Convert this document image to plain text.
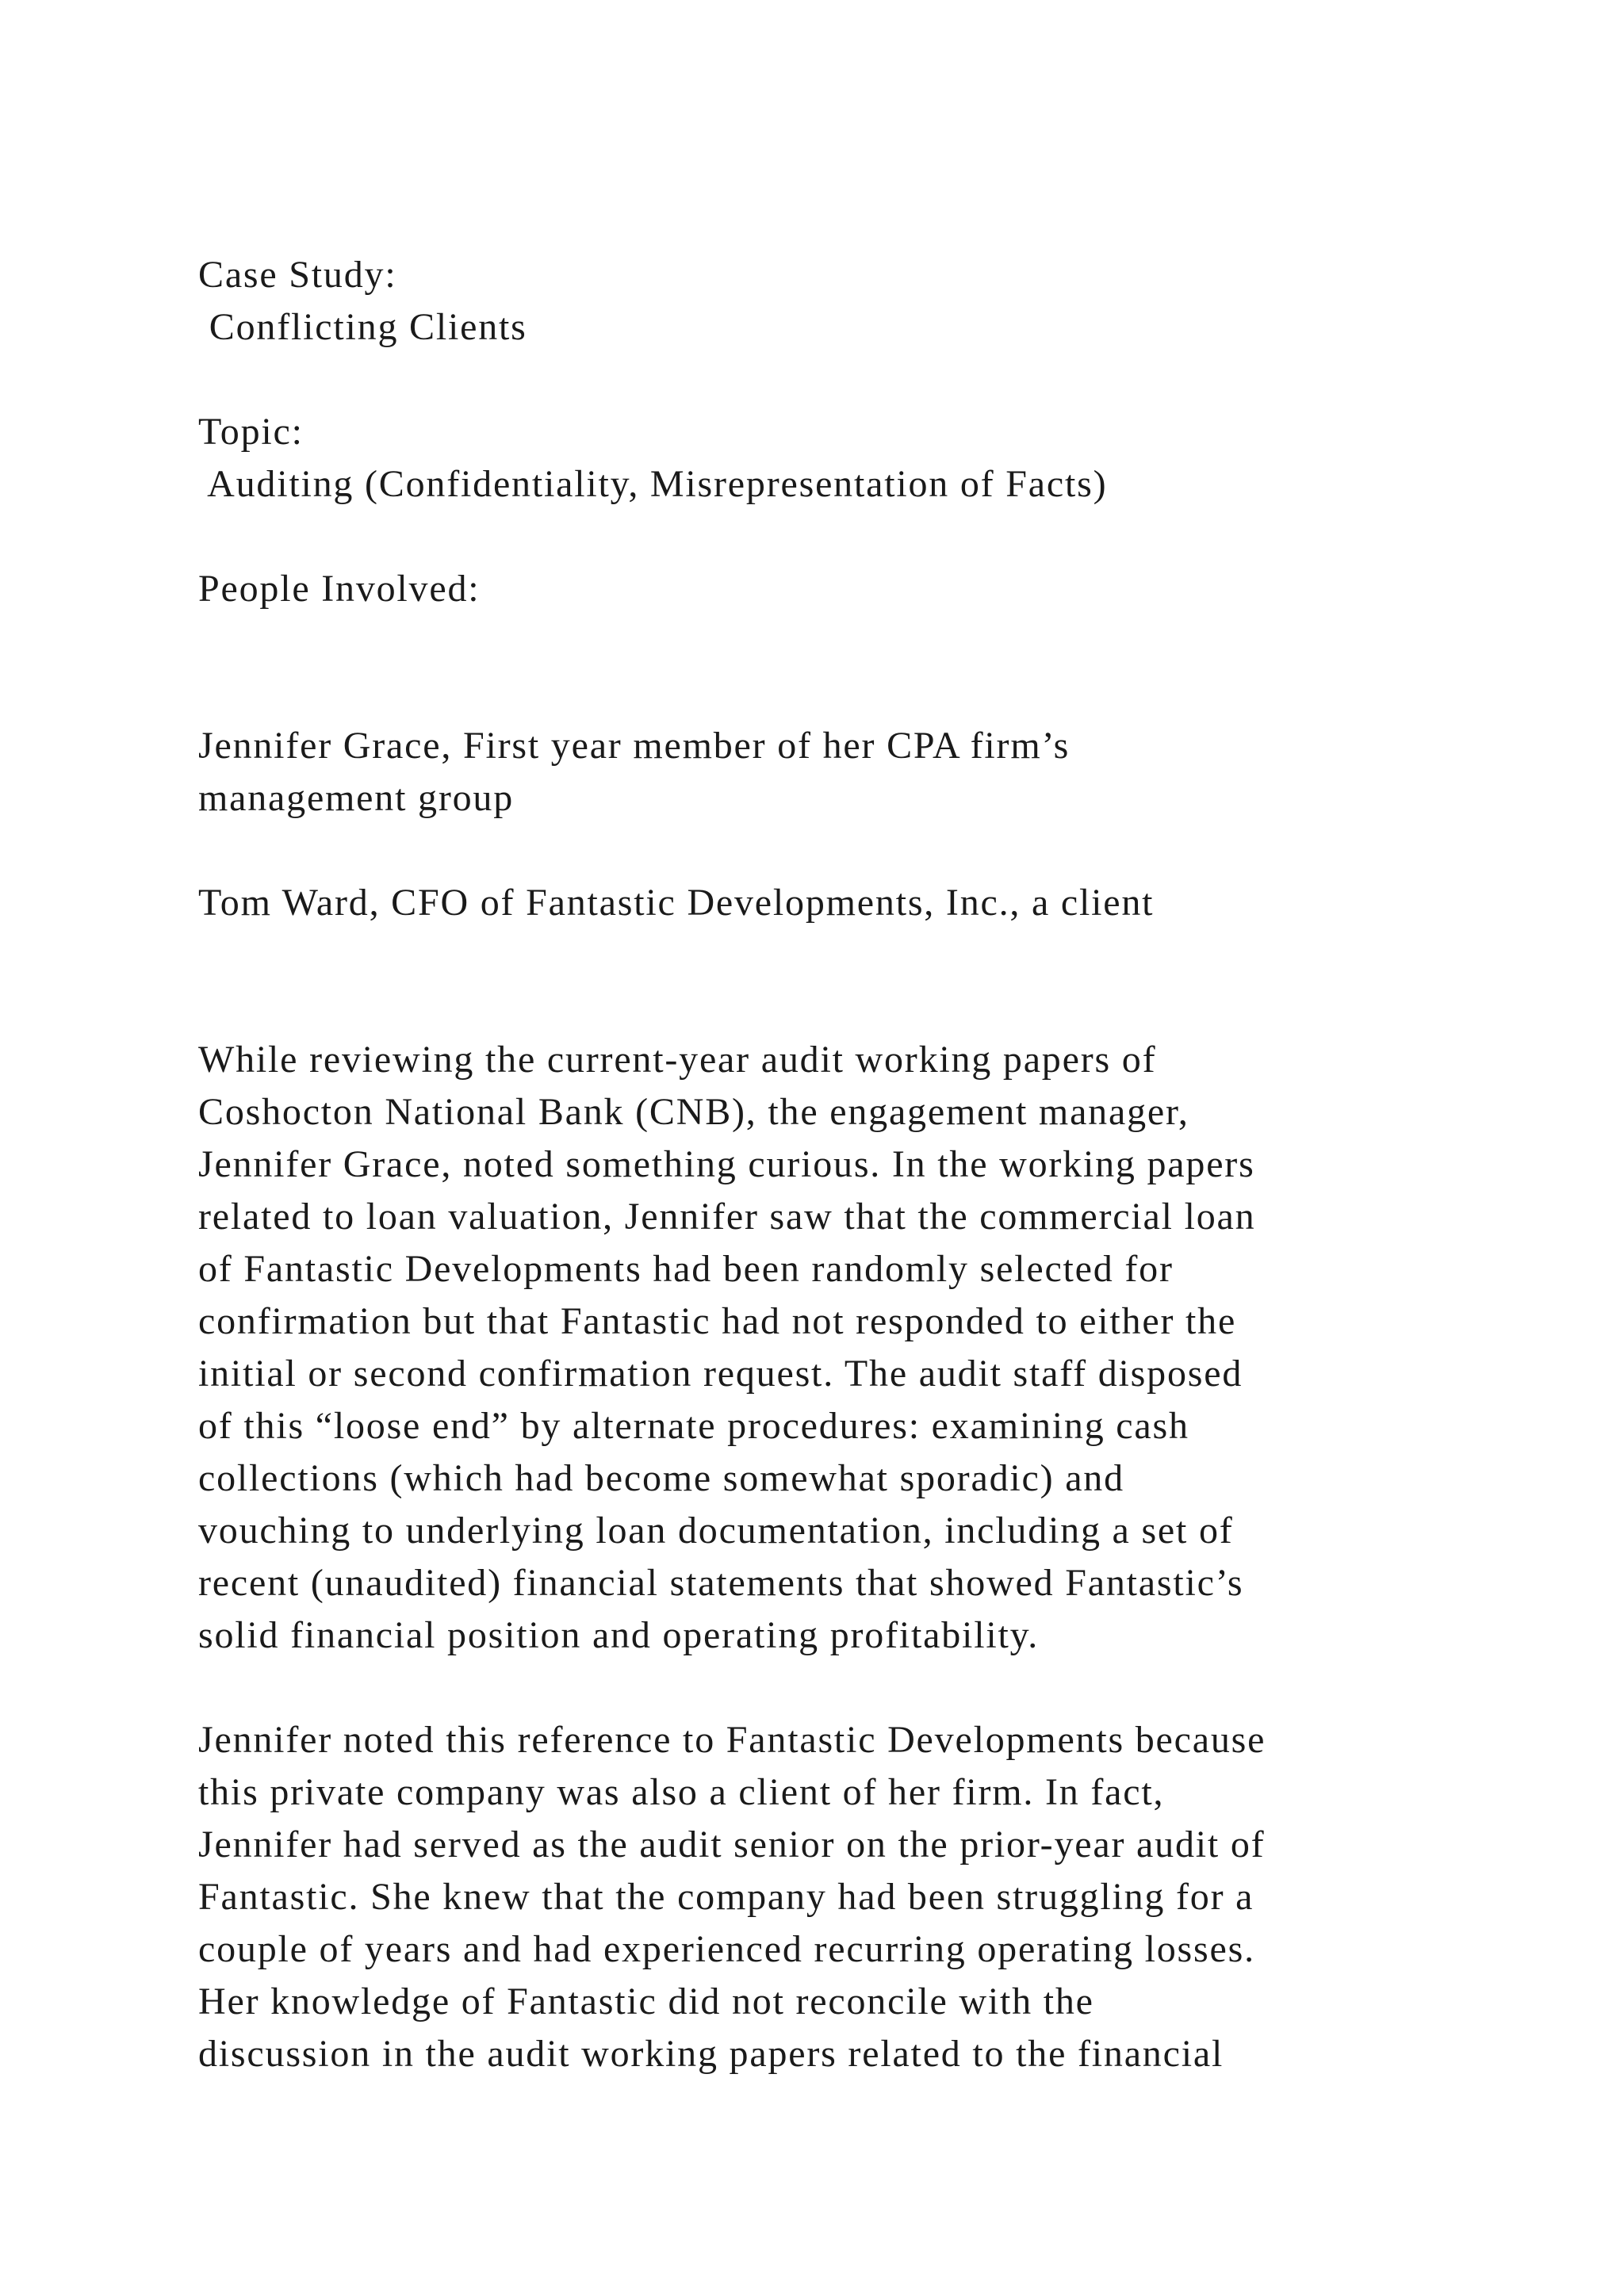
Case Study:

Conflicting Clients

Topic:

Auditing (Confidentiality, Misrepresentation of Facts)

People Involved:

Jennifer Grace, First year member of her CPA firm’s

management group

Tom Ward, CFO of Fantastic Developments, Inc., a client

While reviewing the current-year audit working papers of

Coshocton National Bank (CNB), the engagement manager,

Jennifer Grace, noted something curious. In the working papers

related to loan valuation, Jennifer saw that the commercial loan

of Fantastic Developments had been randomly selected for

confirmation but that Fantastic had not responded to either the

initial or second confirmation request. The audit staff disposed

of this “loose end” by alternate procedures: examining cash

collections (which had become somewhat sporadic) and

vouching to underlying loan documentation, including a set of

recent (unaudited) financial statements that showed Fantastic’s

solid financial position and operating profitability.

Jennifer noted this reference to Fantastic Developments because

this private company was also a client of her firm. In fact,

Jennifer had served as the audit senior on the prior-year audit of

Fantastic. She knew that the company had been struggling for a

couple of years and had experienced recurring operating losses.

Her knowledge of Fantastic did not reconcile with the

discussion in the audit working papers related to the financial
